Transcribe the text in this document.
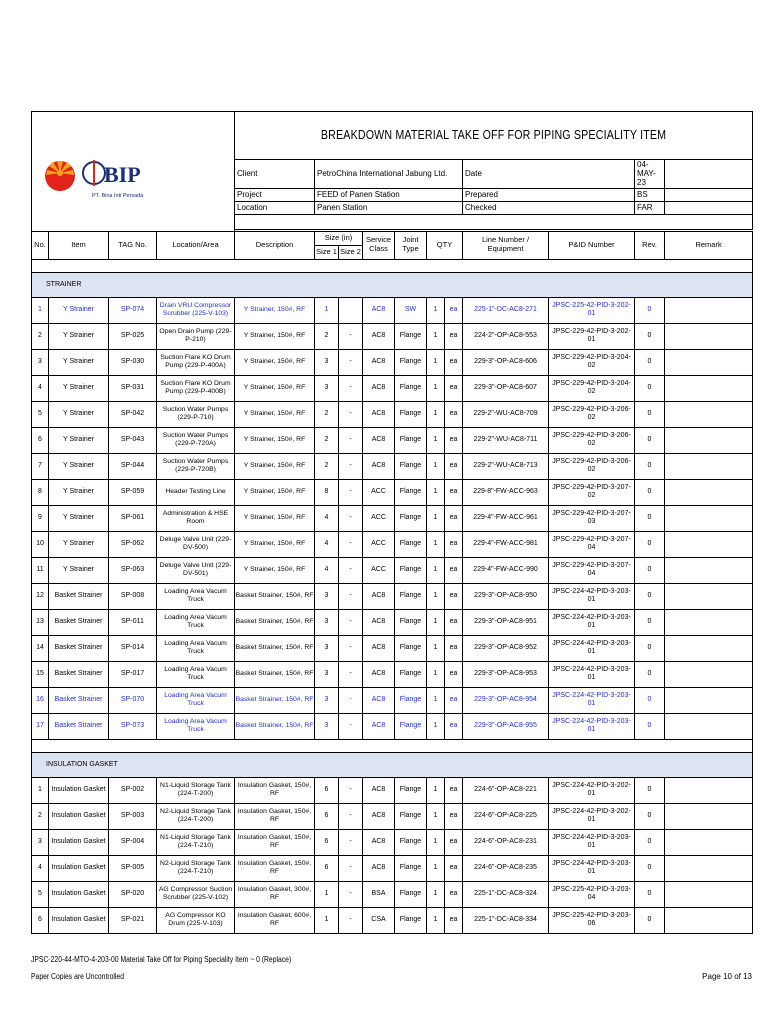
BIP
PT. Bina Inti Persada				BREAKDOWN MATERIAL TAKE OFF FOR PIPING SPECIALITY ITEM										
				Client	PetroChina International Jabung Ltd.						Date		04-MAY-23	
				Project	FEED of Panen Station						Prepared		BS	
				Location	Panen Station						Checked		FAR	

No.	Item	TAG No.	Location/Area	Description	Size (in)		Service Class	Joint Type	QTY		Line Number / Equipment	P&ID Number	Rev.	Remark
					Size 1	Size 2								

STRAINER														
1	Y Strainer	SP-074	Drain VRU Compressor Scrubber (225-V-103)	Y Strainer, 150#, RF	1		AC8	SW	1	ea	225-1"-DC-AC8-271	JPSC-225-42-PID-3-202-01	0	
2	Y Strainer	SP-025	Open Drain Pump (229-P-210)	Y Strainer, 150#, RF	2	-	AC8	Flange	1	ea	224-2"-OP-AC8-553	JPSC-229-42-PID-3-202-01	0	
3	Y Strainer	SP-030	Suction Flare KO Drum Pump (229-P-400A)	Y Strainer, 150#, RF	3	-	AC8	Flange	1	ea	229-3"-OP-AC8-606	JPSC-229-42-PID-3-204-02	0	
4	Y Strainer	SP-031	Suction Flare KO Drum Pump (229-P-400B)	Y Strainer, 150#, RF	3	-	AC8	Flange	1	ea	229-3"-OP-AC8-607	JPSC-229-42-PID-3-204-02	0	
5	Y Strainer	SP-042	Suction Water Pumps (229-P-710)	Y Strainer, 150#, RF	2	-	AC8	Flange	1	ea	229-2"-WU-AC8-709	JPSC-229-42-PID-3-206-02	0	
6	Y Strainer	SP-043	Suction Water Pumps (229-P-720A)	Y Strainer, 150#, RF	2	-	AC8	Flange	1	ea	229-2"-WU-AC8-711	JPSC-229-42-PID-3-206-02	0	
7	Y Strainer	SP-044	Suction Water Pumps (229-P-720B)	Y Strainer, 150#, RF	2	-	AC8	Flange	1	ea	229-2"-WU-AC8-713	JPSC-229-42-PID-3-206-02	0	
8	Y Strainer	SP-059	Header Testing Line	Y Strainer, 150#, RF	8	-	ACC	Flange	1	ea	229-8"-FW-ACC-963	JPSC-229-42-PID-3-207-02	0	
9	Y Strainer	SP-061	Administration & HSE Room	Y Strainer, 150#, RF	4	-	ACC	Flange	1	ea	229-4"-FW-ACC-961	JPSC-229-42-PID-3-207-03	0	
10	Y Strainer	SP-062	Deluge Valve Unit (229-DV-500)	Y Strainer, 150#, RF	4	-	ACC	Flange	1	ea	229-4"-FW-ACC-981	JPSC-229-42-PID-3-207-04	0	
11	Y Strainer	SP-063	Deluge Valve Unit (229-DV-501)	Y Strainer, 150#, RF	4	-	ACC	Flange	1	ea	229-4"-FW-ACC-990	JPSC-229-42-PID-3-207-04	0	
12	Basket Strainer	SP-008	Loading Area Vacum Truck	Basket Strainer, 150#, RF	3	-	AC8	Flange	1	ea	229-3"-OP-AC8-950	JPSC-224-42-PID-3-203-01	0	
13	Basket Strainer	SP-011	Loading Area Vacum Truck	Basket Strainer, 150#, RF	3	-	AC8	Flange	1	ea	229-3"-OP-AC8-951	JPSC-224-42-PID-3-203-01	0	
14	Basket Strainer	SP-014	Loading Area Vacum Truck	Basket Strainer, 150#, RF	3	-	AC8	Flange	1	ea	229-3"-OP-AC8-952	JPSC-224-42-PID-3-203-01	0	
15	Basket Strainer	SP-017	Loading Area Vacum Truck	Basket Strainer, 150#, RF	3	-	AC8	Flange	1	ea	229-3"-OP-AC8-953	JPSC-224-42-PID-3-203-01	0	
16	Basket Strainer	SP-070	Loading Area Vacum Truck	Basket Strainer, 150#, RF	3	-	AC8	Flange	1	ea	229-3"-OP-AC8-954	JPSC-224-42-PID-3-203-01	0	
17	Basket Strainer	SP-073	Loading Area Vacum Truck	Basket Strainer, 150#, RF	3	-	AC8	Flange	1	ea	229-3"-OP-AC8-955	JPSC-224-42-PID-3-203-01	0	

INSULATION GASKET														
1	Insulation Gasket	SP-002	N1-Liquid Storage Tank (224-T-200)	Insulation Gasket, 150#, RF	6	-	AC8	Flange	1	ea	224-6"-OP-AC8-221	JPSC-224-42-PID-3-202-01	0	
2	Insulation Gasket	SP-003	N2-Liquid Storage Tank (224-T-200)	Insulation Gasket, 150#, RF	6	-	AC8	Flange	1	ea	224-6"-OP-AC8-225	JPSC-224-42-PID-3-202-01	0	
3	Insulation Gasket	SP-004	N1-Liquid Storage Tank (224-T-210)	Insulation Gasket, 150#, RF	6	-	AC8	Flange	1	ea	224-6"-OP-AC8-231	JPSC-224-42-PID-3-203-01	0	
4	Insulation Gasket	SP-005	N2-Liquid Storage Tank (224-T-210)	Insulation Gasket, 150#, RF	6	-	AC8	Flange	1	ea	224-6"-OP-AC8-235	JPSC-224-42-PID-3-203-01	0	
5	Insulation Gasket	SP-020	AG Compressor Suction Scrubber (225-V-102)	Insulation Gasket, 300#, RF	1	-	BSA	Flange	1	ea	225-1"-DC-AC8-324	JPSC-225-42-PID-3-203-04	0	
6	Insulation Gasket	SP-021	AG Compressor KO Drum (225-V-103)	Insulation Gasket, 600#, RF	1	-	CSA	Flange	1	ea	225-1"-DC-AC8-334	JPSC-225-42-PID-3-203-06	0	
JPSC-220-44-MTO-4-203-00 Material Take Off for Piping Speciality Item ~ 0 (Replace)
Paper Copies are Uncontrolled	Page 10 of 13
